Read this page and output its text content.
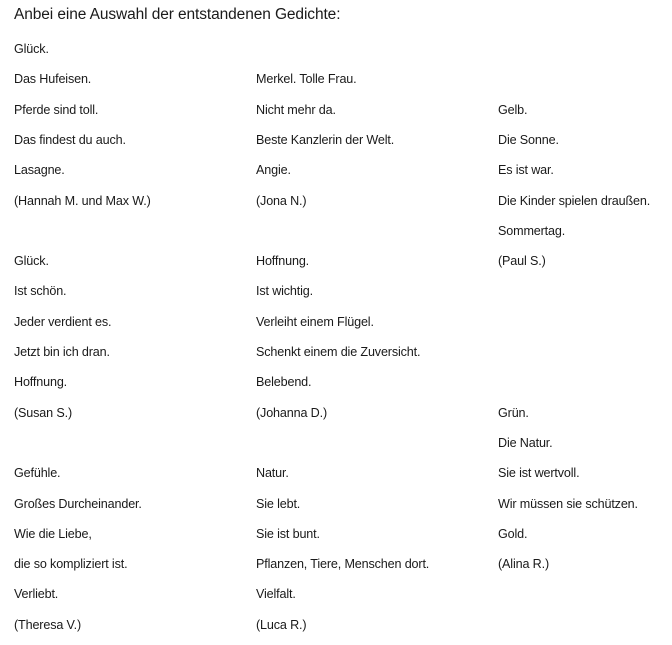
Anbei eine Auswahl der entstandenen Gedichte:
Glück.
Das Hufeisen.
Pferde sind toll.
Das findest du auch.
Lasagne.
(Hannah M. und Max W.)
Glück.
Ist schön.
Jeder verdient es.
Jetzt bin ich dran.
Hoffnung.
(Susan S.)
Gefühle.
Großes Durcheinander.
Wie die Liebe,
die so kompliziert ist.
Verliebt.
(Theresa V.)
Merkel. Tolle Frau.
Nicht mehr da.
Beste Kanzlerin der Welt.
Angie.
(Jona N.)
Hoffnung.
Ist wichtig.
Verleiht einem Flügel.
Schenkt einem die Zuversicht.
Belebend.
(Johanna D.)
Natur.
Sie lebt.
Sie ist bunt.
Pflanzen, Tiere, Menschen dort.
Vielfalt.
(Luca R.)
Gelb.
Die Sonne.
Es ist war.
Die Kinder spielen draußen.
Sommertag.
(Paul S.)
Grün.
Die Natur.
Sie ist wertvoll.
Wir müssen sie schützen.
Gold.
(Alina R.)
